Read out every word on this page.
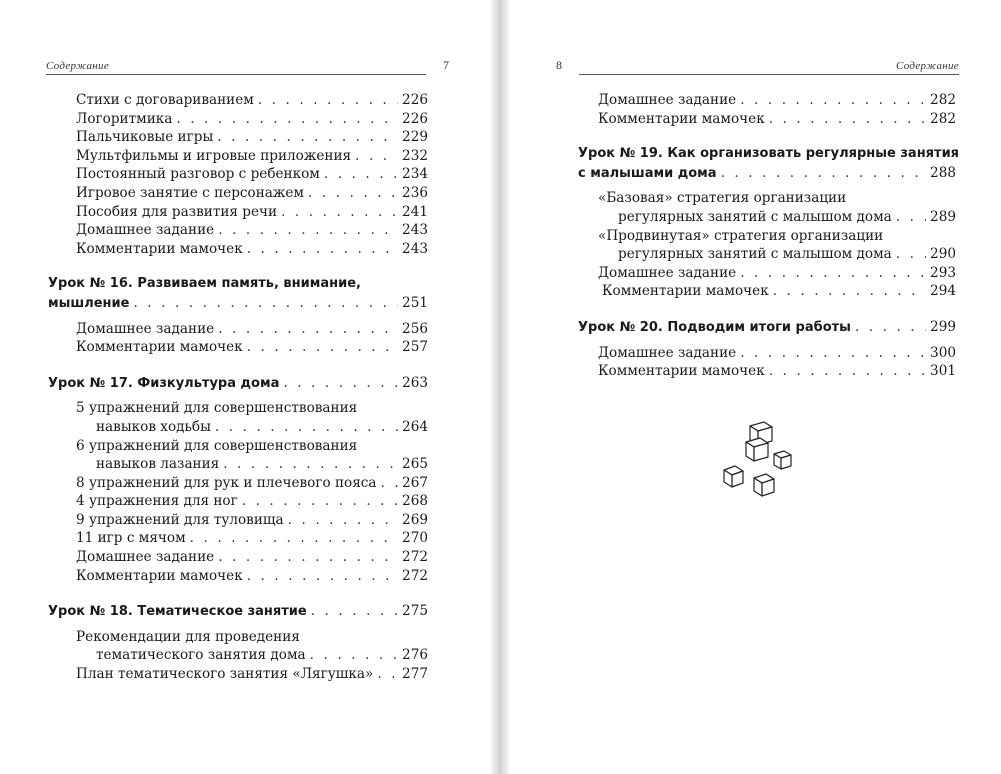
Содержание	7
Стихи с договариванием . . .	226
Логоритмика . . .	226
Пальчиковые игры . . .	229
Мультфильмы и игровые приложения . . .	232
Постоянный разговор с ребенком . . .	234
Игровое занятие с персонажем . . .	236
Пособия для развития речи . . .	241
Домашнее задание . . .	243
Комментарии мамочек . . .	243
Урок № 16. Развиваем память, внимание,
мышление . . .	251
Домашнее задание . . .	256
Комментарии мамочек . . .	257
Урок № 17. Физкультура дома . . .	263
5 упражнений для совершенствования
навыков ходьбы . . .	264
6 упражнений для совершенствования
навыков лазания . . .	265
8 упражнений для рук и плечевого пояса . . . 267
4 упражнения для ног . . .	268
9 упражнений для туловища . . .	269
11 игр с мячом . . .	270
Домашнее задание . . .	272
Комментарии мамочек . . .	272
Урок № 18. Тематическое занятие . . .	275
Рекомендации для проведения
тематического занятия дома . . .	276
План тематического занятия «Лягушка» . . . 277
8	Содержание
Домашнее задание . . .	282
Комментарии мамочек . . .	282
Урок № 19. Как организовать регулярные занятия
с малышами дома . . .	288
«Базовая» стратегия организации
регулярных занятий с малышом дома . . .	289
«Продвинутая» стратегия организации
регулярных занятий с малышом дома . . .	290
Домашнее задание . . .	293
Комментарии мамочек . . .	294
Урок № 20. Подводим итоги работы . . .	299
Домашнее задание . . .	300
Комментарии мамочек . . .	301
